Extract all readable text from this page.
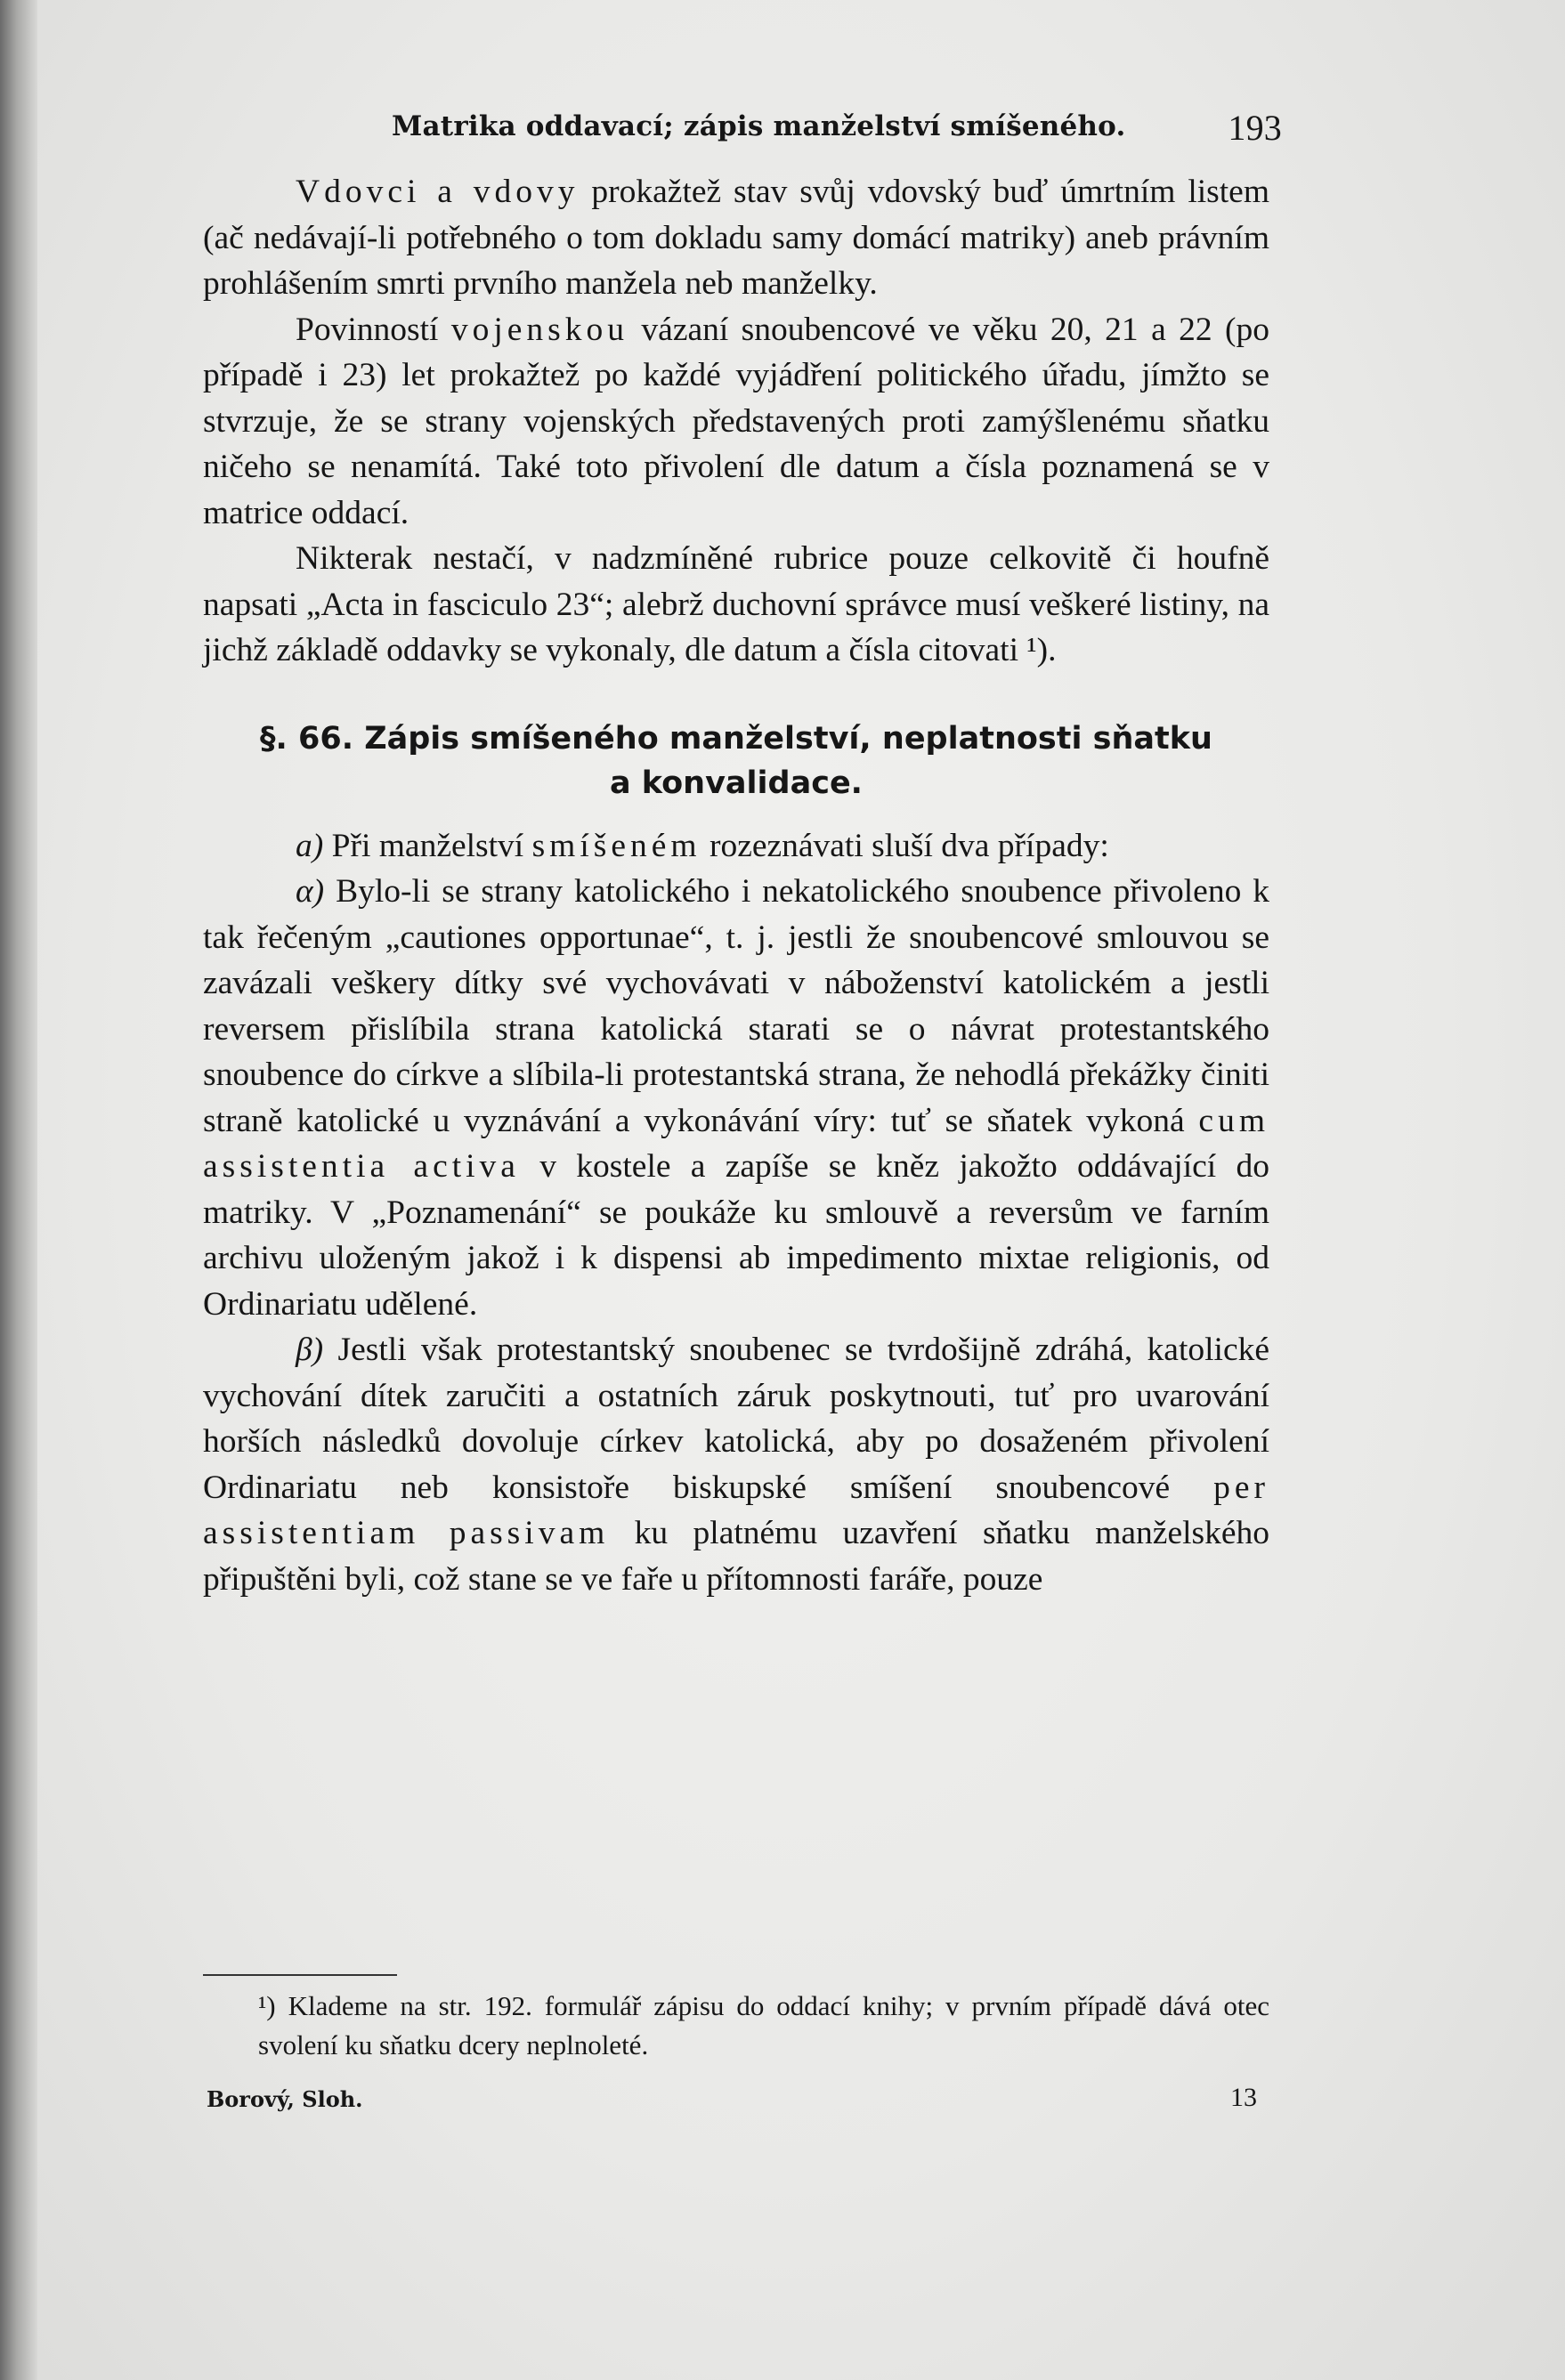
Matrika oddavací; zápis manželství smíšeného.	193

Vdovci a vdovy prokažtež stav svůj vdovský buď úmrtním listem (ač nedávají-li potřebného o tom dokladu samy domácí matriky) aneb právním prohlášením smrti prvního manžela neb manželky.

Povinností vojenskou vázaní snoubencové ve věku 20, 21 a 22 (po případě i 23) let prokažtež po každé vyjádření politického úřadu, jímžto se stvrzuje, že se strany vojenských představených proti zamýšlenému sňatku ničeho se nenamítá. Také toto přivolení dle datum a čísla poznamená se v matrice oddací.

Nikterak nestačí, v nadzmíněné rubrice pouze celkovitě či houfně napsati „Acta in fasciculo 23“; alebrž duchovní správce musí veškeré listiny, na jichž základě oddavky se vykonaly, dle datum a čísla citovati ¹).

§. 66. Zápis smíšeného manželství, neplatnosti sňatku
a konvalidace.

a) Při manželství smíšeném rozeznávati sluší dva případy:

α) Bylo-li se strany katolického i nekatolického snoubence přivoleno k tak řečeným „cautiones opportunae“, t. j. jestli že snoubencové smlouvou se zavázali veškery dítky své vychovávati v náboženství katolickém a jestli reversem přislíbila strana katolická starati se o návrat protestantského snoubence do církve a slíbila-li protestantská strana, že nehodlá překážky činiti straně katolické u vyznávání a vykonávání víry: tuť se sňatek vykoná cum assistentia activa v kostele a zapíše se kněz jakožto oddávající do matriky. V „Poznamenání“ se poukáže ku smlouvě a reversům ve farním archivu uloženým jakož i k dispensi ab impedimento mixtae religionis, od Ordinariatu udělené.

β) Jestli však protestantský snoubenec se tvrdošijně zdráhá, katolické vychování dítek zaručiti a ostatních záruk poskytnouti, tuť pro uvarování horších následků dovoluje církev katolická, aby po dosaženém přivolení Ordinariatu neb konsistoře biskupské smíšení snoubencové per assistentiam passivam ku platnému uzavření sňatku manželského připuštěni byli, což stane se ve faře u přítomnosti faráře, pouze

¹) Klademe na str. 192. formulář zápisu do oddací knihy; v prvním případě dává otec svolení ku sňatku dcery neplnoleté.

Borový, Sloh.	13
